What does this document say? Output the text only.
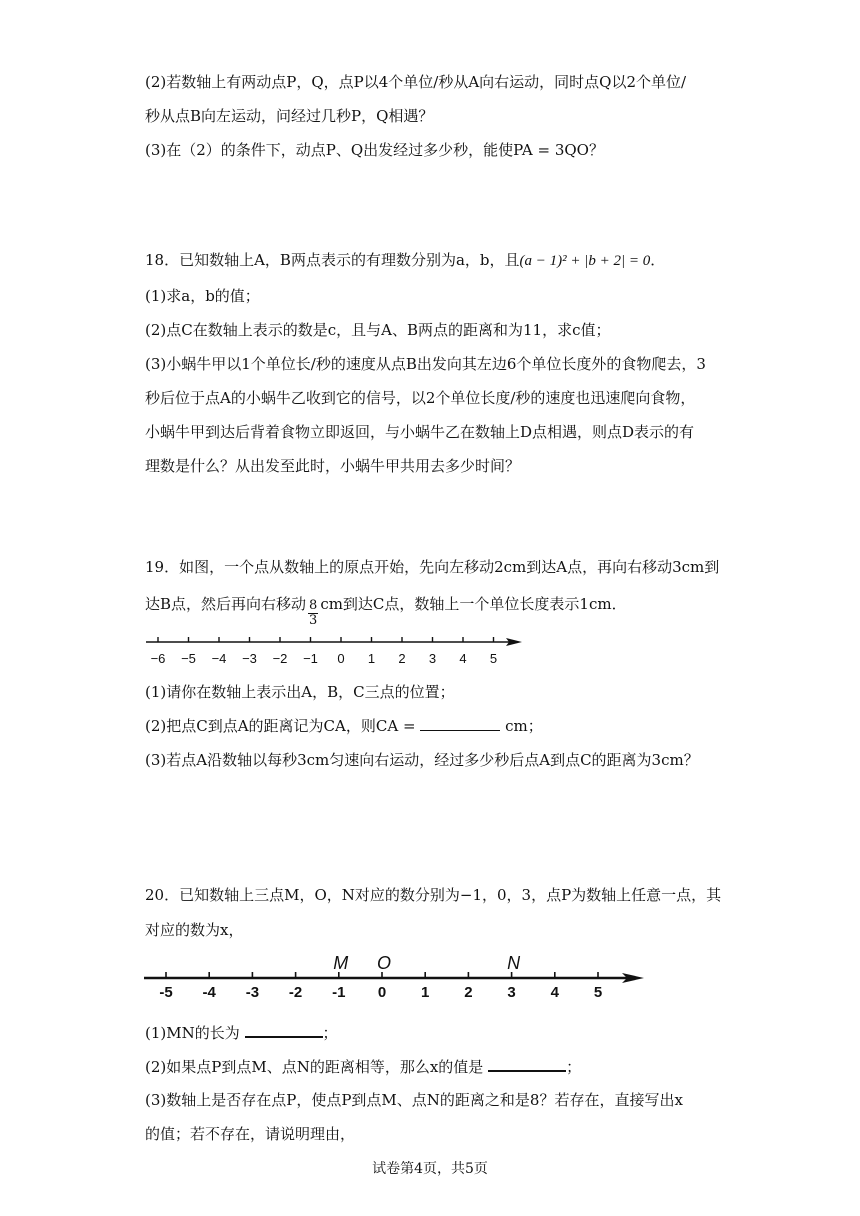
(2)若数轴上有两动点P，Q，点P以4个单位/秒从A向右运动，同时点Q以2个单位/
秒从点B向左运动，问经过几秒P，Q相遇？
(3)在（2）的条件下，动点P、Q出发经过多少秒，能使PA = 3QO？
18．已知数轴上A，B两点表示的有理数分别为a，b，且(a − 1)² + |b + 2| = 0．
(1)求a，b的值；
(2)点C在数轴上表示的数是c，且与A、B两点的距离和为11，求c值；
(3)小蜗牛甲以1个单位长/秒的速度从点B出发向其左边6个单位长度外的食物爬去，3
秒后位于点A的小蜗牛乙收到它的信号，以2个单位长度/秒的速度也迅速爬向食物，
小蜗牛甲到达后背着食物立即返回，与小蜗牛乙在数轴上D点相遇，则点D表示的有
理数是什么？从出发至此时，小蜗牛甲共用去多少时间？
19．如图，一个点从数轴上的原点开始，先向左移动2cm到达A点，再向右移动3cm到
达B点，然后再向右移动 $\frac{8}{3}$ cm到达C点，数轴上一个单位长度表示1cm．
−6 −5 −4 −3 −2 −1 0 1 2 3 4 5
(1)请你在数轴上表示出A，B，C三点的位置；
(2)把点C到点A的距离记为CA，则CA =	cm；
(3)若点A沿数轴以每秒3cm匀速向右运动，经过多少秒后点A到点C的距离为3cm？
20．已知数轴上三点M，O，N对应的数分别为−1，0，3，点P为数轴上任意一点，其
对应的数为x，
-5 -4 -3 -2 -1 0 1 2 3 4 5
M O	N
(1)MN的长为	；
(2)如果点P到点M、点N的距离相等，那么x的值是	；
(3)数轴上是否存在点P，使点P到点M、点N的距离之和是8？若存在，直接写出x
的值；若不存在，请说明理由，
试卷第4页，共5页
